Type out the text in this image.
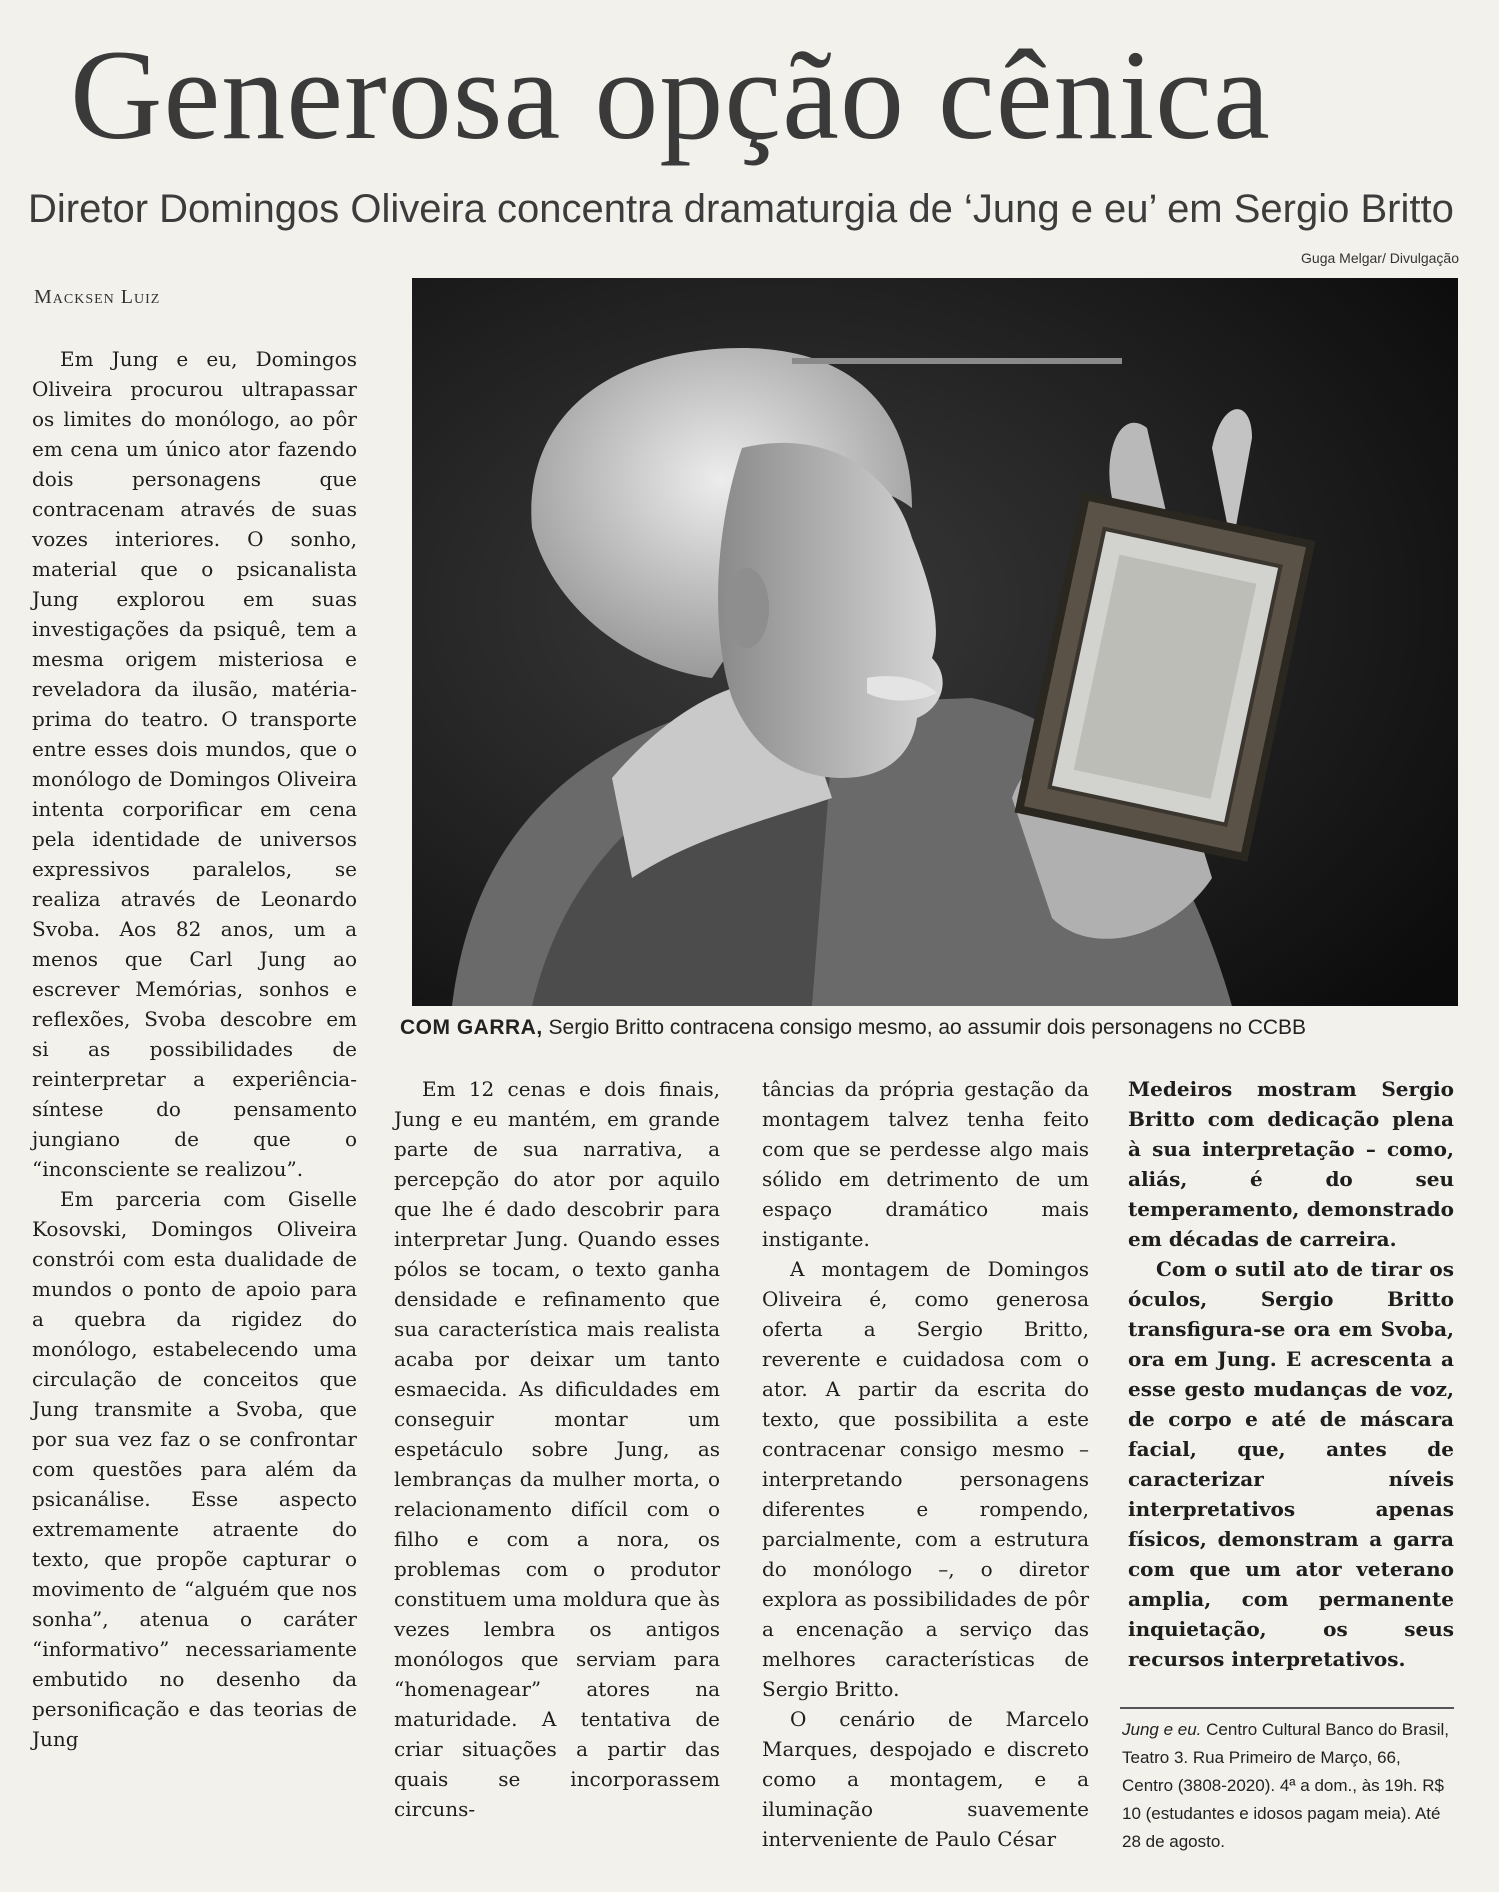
Generosa opção cênica
Diretor Domingos Oliveira concentra dramaturgia de ‘Jung e eu’ em Sergio Britto
Guga Melgar/ Divulgação
Macksen Luiz
COM GARRA, Sergio Britto contracena consigo mesmo, ao assumir dois personagens no CCBB

Em Jung e eu, Domingos Oliveira procurou ultrapassar os limites do monólogo, ao pôr em cena um único ator fazendo dois personagens que contracenam através de suas vozes interiores. O sonho, material que o psicanalista Jung explorou em suas investigações da psiquê, tem a mesma origem misteriosa e reveladora da ilusão, matéria-prima do teatro. O transporte entre esses dois mundos, que o monólogo de Domingos Oliveira intenta corporificar em cena pela identidade de universos expressivos paralelos, se realiza através de Leonardo Svoba. Aos 82 anos, um a menos que Carl Jung ao escrever Memórias, sonhos e reflexões, Svoba descobre em si as possibilidades de reinterpretar a experiência-síntese do pensamento jungiano de que o “inconsciente se realizou”.

Em parceria com Giselle Kosovski, Domingos Oliveira constrói com esta dualidade de mundos o ponto de apoio para a quebra da rigidez do monólogo, estabelecendo uma circulação de conceitos que Jung transmite a Svoba, que por sua vez faz o se confrontar com questões para além da psicanálise. Esse aspecto extremamente atraente do texto, que propõe capturar o movimento de “alguém que nos sonha”, atenua o caráter “informativo” necessariamente embutido no desenho da personificação e das teorias de Jung

Em 12 cenas e dois finais, Jung e eu mantém, em grande parte de sua narrativa, a percepção do ator por aquilo que lhe é dado descobrir para interpretar Jung. Quando esses pólos se tocam, o texto ganha densidade e refinamento que sua característica mais realista acaba por deixar um tanto esmaecida. As dificuldades em conseguir montar um espetáculo sobre Jung, as lembranças da mulher morta, o relacionamento difícil com o filho e com a nora, os problemas com o produtor constituem uma moldura que às vezes lembra os antigos monólogos que serviam para “homenagear” atores na maturidade. A tentativa de criar situações a partir das quais se incorporassem circuns-

tâncias da própria gestação da montagem talvez tenha feito com que se perdesse algo mais sólido em detrimento de um espaço dramático mais instigante.

A montagem de Domingos Oliveira é, como generosa oferta a Sergio Britto, reverente e cuidadosa com o ator. A partir da escrita do texto, que possibilita a este contracenar consigo mesmo – interpretando personagens diferentes e rompendo, parcialmente, com a estrutura do monólogo –, o diretor explora as possibilidades de pôr a encenação a serviço das melhores características de Sergio Britto.

O cenário de Marcelo Marques, despojado e discreto como a montagem, e a iluminação suavemente interveniente de Paulo César

Medeiros mostram Sergio Britto com dedicação plena à sua interpretação – como, aliás, é do seu temperamento, demonstrado em décadas de carreira.

Com o sutil ato de tirar os óculos, Sergio Britto transfigura-se ora em Svoba, ora em Jung. E acrescenta a esse gesto mudanças de voz, de corpo e até de máscara facial, que, antes de caracterizar níveis interpretativos apenas físicos, demonstram a garra com que um ator veterano amplia, com permanente inquietação, os seus recursos interpretativos.

Jung e eu. Centro Cultural Banco do Brasil, Teatro 3. Rua Primeiro de Março, 66, Centro (3808-2020). 4ª a dom., às 19h. R$ 10 (estudantes e idosos pagam meia). Até 28 de agosto.
